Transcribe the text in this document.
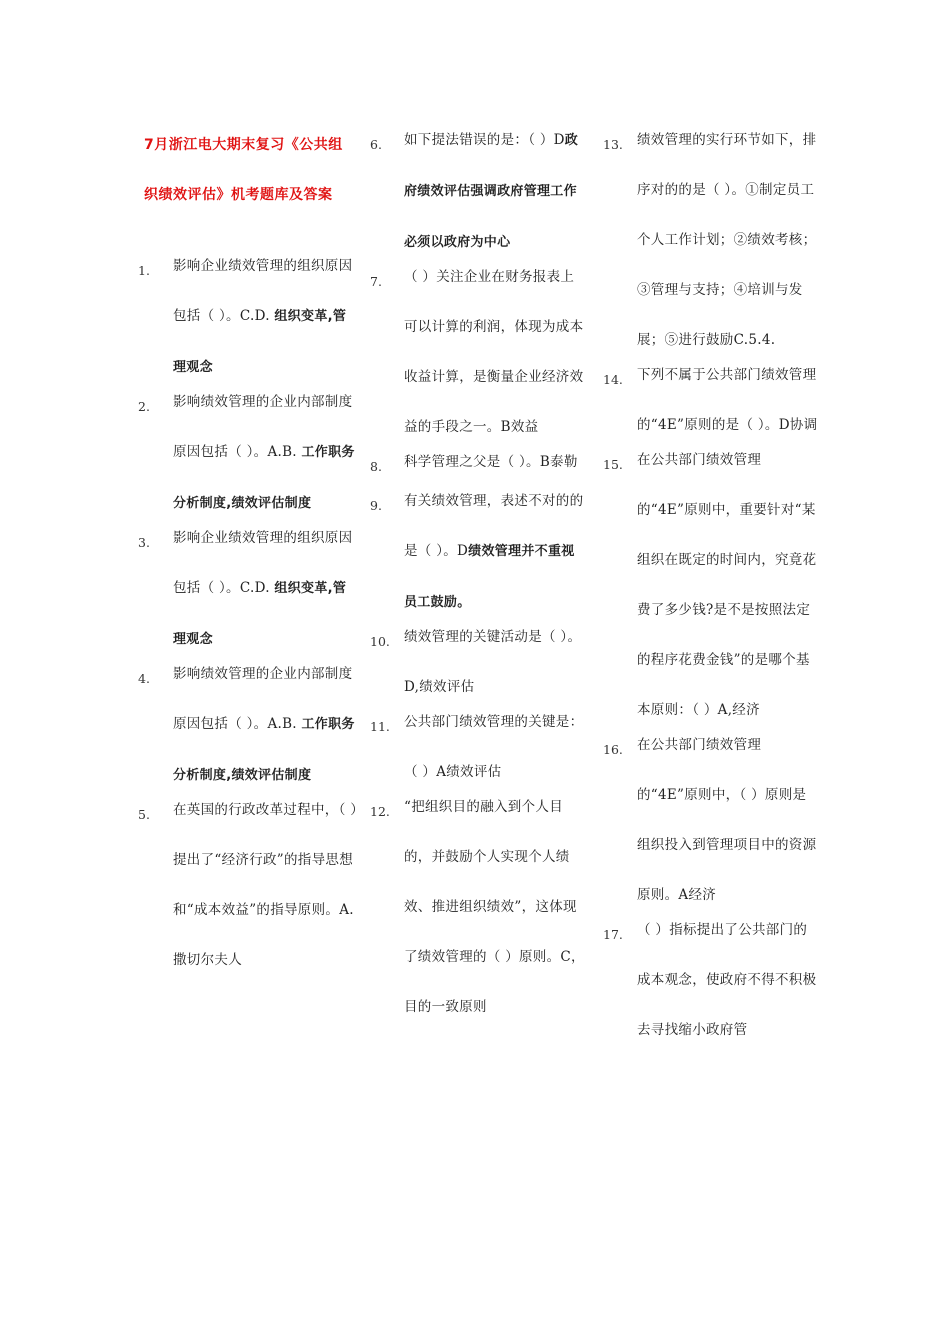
7月浙江电大期末复习《公共组织绩效评估》机考题库及答案
1.	影响企业绩效管理的组织原因包括（ ）。C.D. 组织变革,管理观念
2.	影响绩效管理的企业内部制度原因包括（ ）。A.B. 工作职务分析制度,绩效评估制度
3.	影响企业绩效管理的组织原因包括（ ）。C.D. 组织变革,管理观念
4.	影响绩效管理的企业内部制度原因包括（ ）。A.B. 工作职务分析制度,绩效评估制度
5.	在英国的行政改革过程中，（ ）提出了“经济行政”的指导思想和“成本效益”的指导原则。A.撒切尔夫人
6.	如下提法错误的是：（ ）D政府绩效评估强调政府管理工作必须以政府为中心
7.	（ ）关注企业在财务报表上可以计算的利润，体现为成本收益计算，是衡量企业经济效益的手段之一。B效益
8.	科学管理之父是（ ）。B泰勒
9.	有关绩效管理，表述不对的的是（ ）。D绩效管理并不重视员工鼓励。
10.	绩效管理的关键活动是（ ）。D,绩效评估
11.	公共部门绩效管理的关键是：（ ）A绩效评估
12.	“把组织目的融入到个人目的，并鼓励个人实现个人绩效、推进组织绩效”，这体现了绩效管理的（ ）原则。C，目的一致原则
13.	绩效管理的实行环节如下，排序对的的是（ ）。①制定员工个人工作计划；②绩效考核；③管理与支持；④培训与发展；⑤进行鼓励C.5.4.
14.	下列不属于公共部门绩效管理的“4E”原则的是（ ）。D协调
15.	在公共部门绩效管理的“4E”原则中，重要针对“某组织在既定的时间内，究竟花费了多少钱?是不是按照法定的程序花费金钱”的是哪个基本原则：（ ）A,经济
16.	在公共部门绩效管理的“4E”原则中，（ ）原则是组织投入到管理项目中的资源原则。A经济
17.	（ ）指标提出了公共部门的成本观念，使政府不得不积极去寻找缩小政府管
